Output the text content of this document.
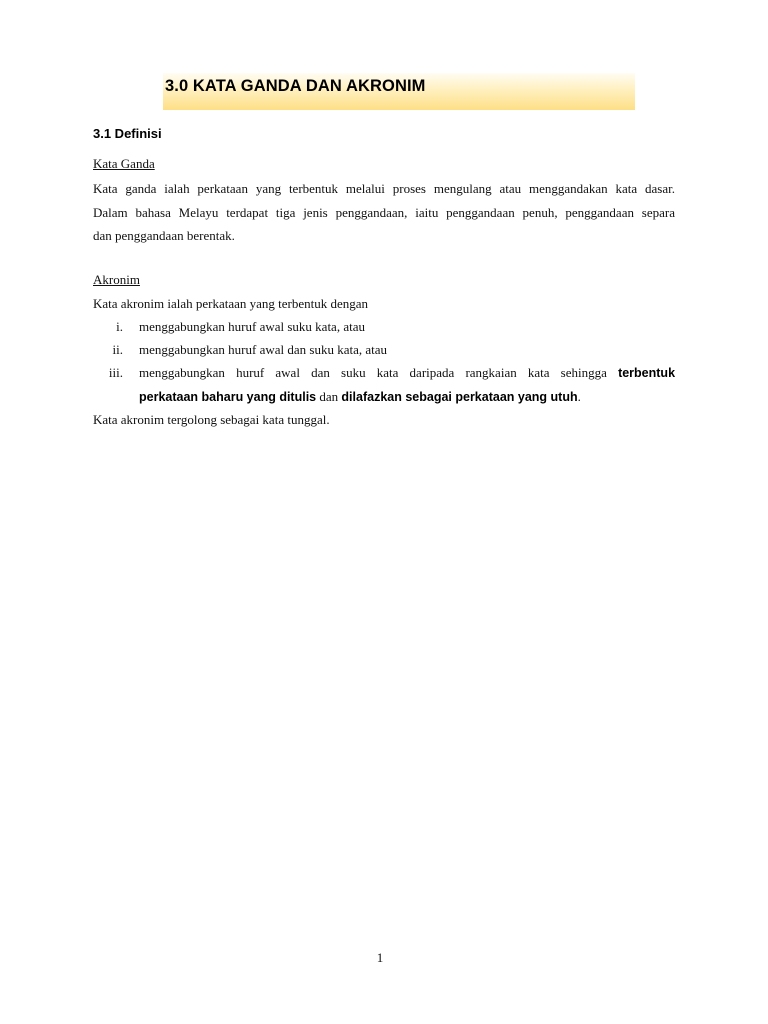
3.0 KATA GANDA DAN AKRONIM
3.1 Definisi
Kata Ganda
Kata ganda ialah perkataan yang terbentuk melalui proses mengulang atau menggandakan kata dasar.
Dalam bahasa Melayu terdapat tiga jenis penggandaan, iaitu penggandaan penuh, penggandaan separa
dan penggandaan berentak.
Akronim
Kata akronim ialah perkataan yang terbentuk dengan
i. menggabungkan huruf awal suku kata, atau
ii. menggabungkan huruf awal dan suku kata, atau
iii. menggabungkan huruf awal dan suku kata daripada rangkaian kata sehingga terbentuk
perkataan baharu yang ditulis dan dilafazkan sebagai perkataan yang utuh.
Kata akronim tergolong sebagai kata tunggal.
1
